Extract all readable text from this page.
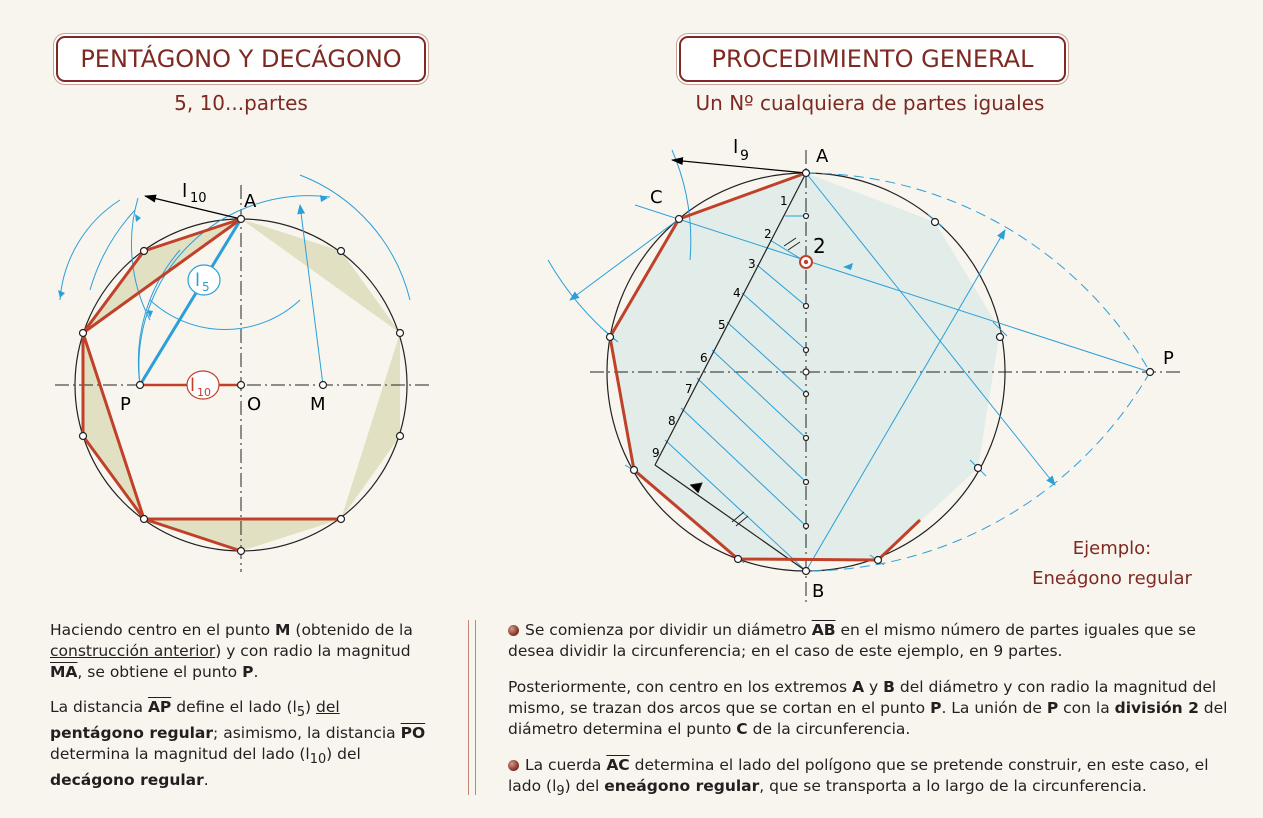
PENTÁGONO Y DECÁGONO
5, 10...partes
PROCEDIMIENTO GENERAL
Un Nº cualquiera de partes iguales
A
P	O	M
l 10
l 5
l 10
A
B
C
P
2
l 9
1
2
3
4
5
6
7
8
9
Ejemplo:
Eneágono regular
Haciendo centro en el punto M (obtenido de la construcción anterior) y con radio la magnitud $\overline{MA}$, se obtiene el punto P.
La distancia $\overline{AP}$ define el lado $(l_5)$ del pentágono regular; asimismo, la distancia $\overline{PO}$ determina la magnitud del lado $(l_{10})$ del decágono regular.
Se comienza por dividir un diámetro $\overline{AB}$ en el mismo número de partes iguales que se desea dividir la circunferencia; en el caso de este ejemplo, en 9 partes.
Posteriormente, con centro en los extremos A y B del diámetro y con radio la magnitud del mismo, se trazan dos arcos que se cortan en el punto P. La unión de P con la división 2 del diámetro determina el punto C de la circunferencia.
La cuerda $\overline{AC}$ determina el lado del polígono que se pretende construir, en este caso, el lado $(l_9)$ del eneágono regular, que se transporta a lo largo de la circunferencia.
